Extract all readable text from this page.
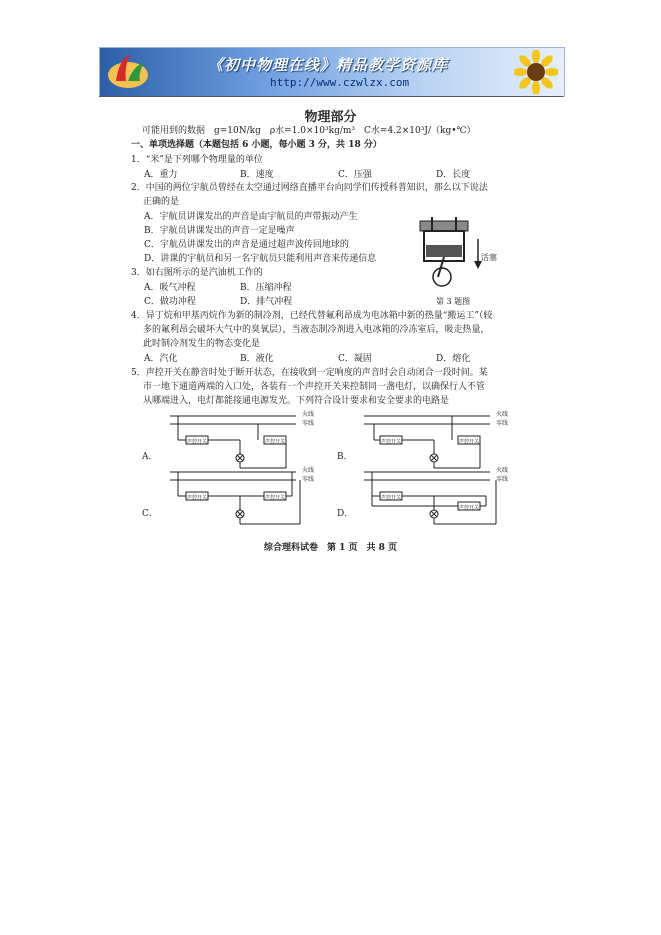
《初中物理在线》精品教学资源库
http://www.czwlzx.com
物理部分
可能用到的数据　g=10N/kg　ρ水=1.0×10³kg/m³　C水=4.2×10³J/（kg•℃）
一、单项选择题（本题包括 6 小题，每小题 3 分，共 18 分）
1．“米”是下列哪个物理量的单位
A．重力	B．速度	C．压强	D．长度
2．中国的两位宇航员曾经在太空通过网络直播平台向同学们传授科普知识，那么以下说法
正确的是
A．宇航员讲课发出的声音是由宇航员的声带振动产生
B．宇航员讲课发出的声音一定是噪声
C．宇航员讲课发出的声音是通过超声波传回地球的
D．讲课的宇航员和另一名宇航员只能利用声音来传递信息
3．如右图所示的是汽油机工作的
A．吸气冲程	B．压缩冲程
C．做功冲程	D．排气冲程
活塞
第 3 题图
4．异丁烷和甲基丙烷作为新的制冷剂，已经代替氟利昂成为电冰箱中新的热量“搬运工”（较
多的氟利昂会破坏大气中的臭氧层），当液态制冷剂进入电冰箱的冷冻室后，吸走热量，
此时制冷剂发生的物态变化是
A．汽化	B．液化	C．凝固	D．熔化
5．声控开关在静音时处于断开状态，在接收到一定响度的声音时会自动闭合一段时间。某
市一地下通道两端的入口处，各装有一个声控开关来控制同一盏电灯，以确保行人不管
从哪端进入，电灯都能接通电源发光。下列符合设计要求和安全要求的电路是
A．
火线
零线
声控开关	声控开关
B．
火线
零线
声控开关	声控开关
C．
火线
零线
声控开关	声控开关
D．
火线
零线
声控开关
声控开关
综合理科试卷　第 1 页　共 8 页
